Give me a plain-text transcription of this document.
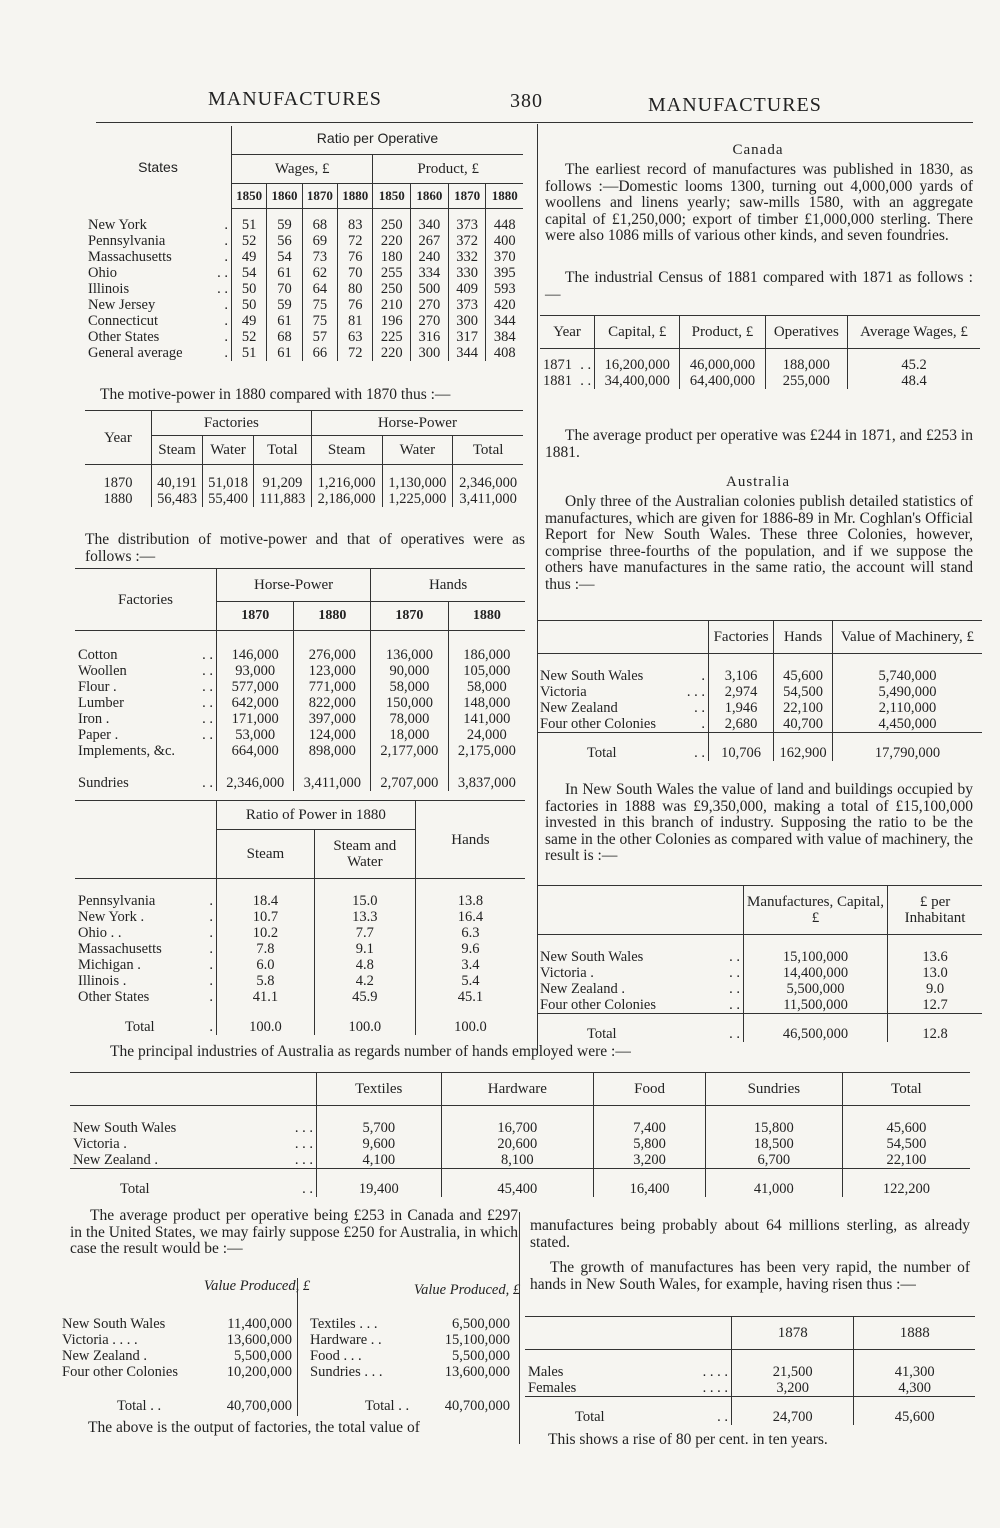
MANUFACTURES	380	MANUFACTURES
States	Ratio per Operative							
	Wages, £				Product, £			
	1850	1860	1870	1880	1850	1860	1870	1880
New York .	51	59	68	83	250	340	373	448
Pennsylvania .	52	56	69	72	220	267	372	400
Massachusetts .	49	54	73	76	180	240	332	370
Ohio . .	54	61	62	70	255	334	330	395
Illinois . .	50	70	64	80	250	500	409	593
New Jersey .	50	59	75	76	210	270	373	420
Connecticut .	49	61	75	81	196	270	300	344
Other States .	52	68	57	63	225	316	317	384
General average .	51	61	66	72	220	300	344	408
The motive-power in 1880 compared with 1870 thus :—
Year	Factories			Horse-Power		
	Steam	Water	Total	Steam	Water	Total
1870	40,191	51,018	91,209	1,216,000	1,130,000	2,346,000
1880	56,483	55,400	111,883	2,186,000	1,225,000	3,411,000
The distribution of motive-power and that of operatives were as follows :—
Factories	Horse-Power		Hands	
	1870	1880	1870	1880
Cotton . .	146,000	276,000	136,000	186,000
Woollen . .	93,000	123,000	90,000	105,000
Flour . . .	577,000	771,000	58,000	58,000
Lumber . .	642,000	822,000	150,000	148,000
Iron . . .	171,000	397,000	78,000	141,000
Paper . . .	53,000	124,000	18,000	24,000
Implements, &c.	664,000	898,000	2,177,000	2,175,000
Sundries . .	2,346,000	3,411,000	2,707,000	3,837,000
	Ratio of Power in 1880		Hands
	Steam	Steam and Water	
Pennsylvania .	18.4	15.0	13.8
New York . .	10.7	13.3	16.4
Ohio . . .	10.2	7.7	6.3
Massachusetts .	7.8	9.1	9.6
Michigan . .	6.0	4.8	3.4
Illinois . .	5.8	4.2	5.4
Other States .	41.1	45.9	45.1
Total .	100.0	100.0	100.0
Canada
The earliest record of manufactures was published in 1830, as follows :—Domestic looms 1300, turning out 4,000,000 yards of woollens and linens yearly; saw-mills 1580, with an aggregate capital of £1,250,000; export of timber £1,000,000 sterling. There were also 1086 mills of various other kinds, and seven foundries.
The industrial Census of 1881 compared with 1871 as follows :—
Year	Capital, £	Product, £	Operatives	Average Wages, £
1871 . .	16,200,000	46,000,000	188,000	45.2
1881 . .	34,400,000	64,400,000	255,000	48.4
The average product per operative was £244 in 1871, and £253 in 1881.
Australia
Only three of the Australian colonies publish detailed statistics of manufactures, which are given for 1886-89 in Mr. Coghlan's Official Report for New South Wales. These three Colonies, however, comprise three-fourths of the population, and if we suppose the others have manufactures in the same ratio, the account will stand thus :—
	Factories	Hands	Value of Machinery, £
New South Wales .	3,106	45,600	5,740,000
Victoria . . .	2,974	54,500	5,490,000
New Zealand . .	1,946	22,100	2,110,000
Four other Colonies .	2,680	40,700	4,450,000
Total . .	10,706	162,900	17,790,000
In New South Wales the value of land and buildings occupied by factories in 1888 was £9,350,000, making a total of £15,100,000 invested in this branch of industry. Supposing the ratio to be the same in the other Colonies as compared with value of machinery, the result is :—
	Manufactures, Capital, £	£ per Inhabitant
New South Wales . .	15,100,000	13.6
Victoria . . .	14,400,000	13.0
New Zealand . . .	5,500,000	9.0
Four other Colonies . .	11,500,000	12.7
Total . .	46,500,000	12.8
The principal industries of Australia as regards number of hands employed were :—
	Textiles	Hardware	Food	Sundries	Total
New South Wales . . .	5,700	16,700	7,400	15,800	45,600
Victoria . . . .	9,600	20,600	5,800	18,500	54,500
New Zealand . . . .	4,100	8,100	3,200	6,700	22,100
Total . .	19,400	45,400	16,400	41,000	122,200
The average product per operative being £253 in Canada and £297 in the United States, we may fairly suppose £250 for Australia, in which case the result would be :—
Value Produced, £	Value Produced, £
New South Wales	11,400,000
Victoria . . . .	13,600,000
New Zealand .	5,500,000
Four other Colonies	10,200,000
Total . .	40,700,000
Textiles . . .	6,500,000
Hardware . .	15,100,000
Food . . .	5,500,000
Sundries . . .	13,600,000
Total . . 40,700,000
The above is the output of factories, the total value of
manufactures being probably about 64 millions sterling, as already stated.
The growth of manufactures has been very rapid, the number of hands in New South Wales, for example, having risen thus :—
	1878	1888
Males . . . .	21,500	41,300
Females . . . .	3,200	4,300
Total . .	24,700	45,600
This shows a rise of 80 per cent. in ten years.
